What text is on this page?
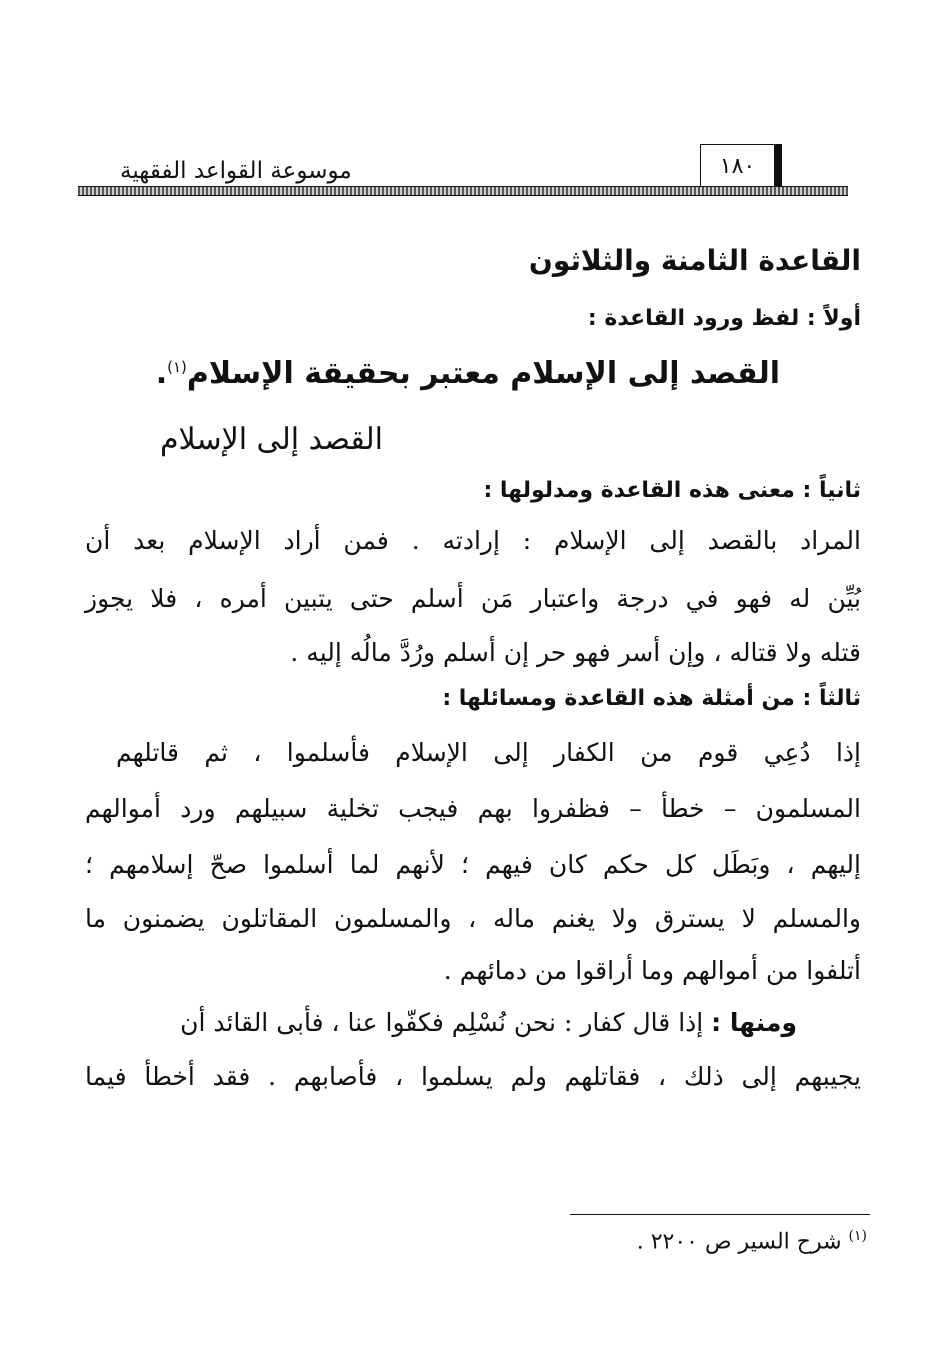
موسوعة القواعد الفقهية	١٨٠
القاعدة الثامنة والثلاثون
أولاً : لفظ ورود القاعدة :
القصد إلى الإسلام معتبر بحقيقة الإسلام$^{(١)}$.
القصد إلى الإسلام
ثانياً : معنى هذه القاعدة ومدلولها :
المراد بالقصد إلى الإسلام : إرادته . فمن أراد الإسلام بعد أن
بُيِّن له فهو في درجة واعتبار مَن أسلم حتى يتبين أمره ، فلا يجوز
قتله ولا قتاله ، وإن أسر فهو حر إن أسلم ورُدَّ مالُه إليه .
ثالثاً : من أمثلة هذه القاعدة ومسائلها :
إذا دُعِي قوم من الكفار إلى الإسلام فأسلموا ، ثم قاتلهم
المسلمون – خطأ – فظفروا بهم فيجب تخلية سبيلهم ورد أموالهم
إليهم ، وبَطَل كل حكم كان فيهم ؛ لأنهم لما أسلموا صحّ إسلامهم ؛
والمسلم لا يسترق ولا يغنم ماله ، والمسلمون المقاتلون يضمنون ما
أتلفوا من أموالهم وما أراقوا من دمائهم .
ومنها : إذا قال كفار : نحن نُسْلِم فكفّوا عنا ، فأبى القائد أن
يجيبهم إلى ذلك ، فقاتلهم ولم يسلموا ، فأصابهم . فقد أخطأ فيما
$^{(١)}$ شرح السير ص ٢٢٠٠ .
